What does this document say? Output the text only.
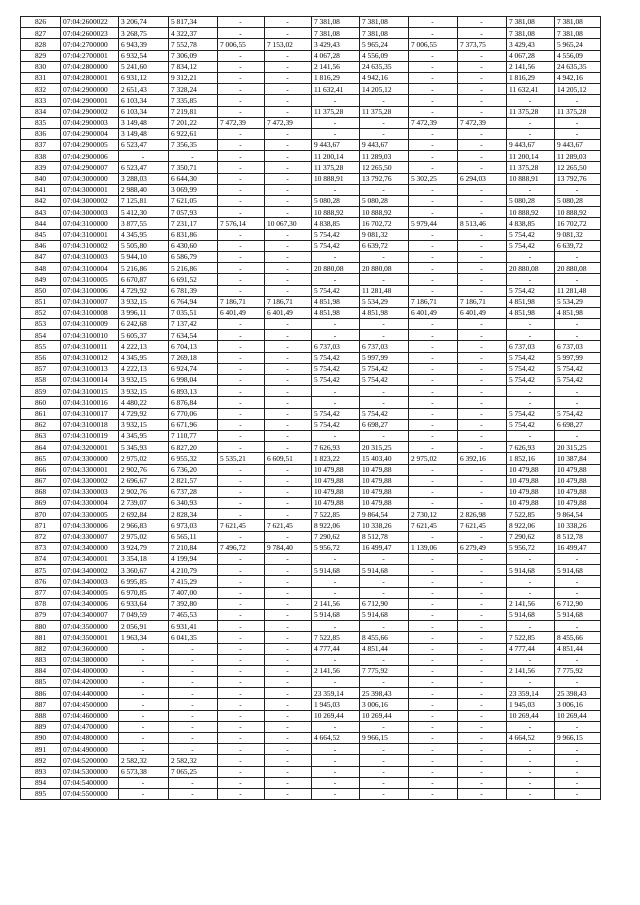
826	07:04:2600022	3 206,74	5 817,34	-	-	7 381,08	7 381,08	-	-	7 381,08	7 381,08
827	07:04:2600023	3 268,75	4 322,37	-	-	7 381,08	7 381,08	-	-	7 381,08	7 381,08
828	07:04:2700000	6 943,39	7 552,78	7 006,55	7 153,02	3 429,43	5 965,24	7 006,55	7 373,75	3 429,43	5 965,24
829	07:04:2700001	6 932,54	7 306,09	-	-	4 067,28	4 556,09	-	-	4 067,28	4 556,09
830	07:04:2800000	5 241,60	7 834,12	-	-	2 141,56	24 635,35	-	-	2 141,56	24 635,35
831	07:04:2800001	6 931,12	9 312,21	-	-	1 816,29	4 942,16	-	-	1 816,29	4 942,16
832	07:04:2900000	2 651,43	7 328,24	-	-	11 632,41	14 205,12	-	-	11 632,41	14 205,12
833	07:04:2900001	6 103,34	7 335,85	-	-	-	-	-	-	-	-
834	07:04:2900002	6 103,34	7 219,81	-	-	11 375,28	11 375,28	-	-	11 375,28	11 375,28
835	07:04:2900003	3 149,48	7 201,22	7 472,39	7 472,39	-	-	7 472,39	7 472,39	-	-
836	07:04:2900004	3 149,48	6 922,61	-	-	-	-	-	-	-	-
837	07:04:2900005	6 523,47	7 356,35	-	-	9 443,67	9 443,67	-	-	9 443,67	9 443,67
838	07:04:2900006	-	-	-	-	11 200,14	11 289,03	-	-	11 200,14	11 289,03
839	07:04:2900007	6 523,47	7 350,71	-	-	11 375,28	12 265,50	-	-	11 375,28	12 265,50
840	07:04:3000000	3 288,03	6 644,30	-	-	10 888,91	13 792,76	5 302,25	6 294,03	10 888,91	13 792,76
841	07:04:3000001	2 988,40	3 069,99	-	-	-	-	-	-	-	-
842	07:04:3000002	7 125,81	7 621,05	-	-	5 080,28	5 080,28	-	-	5 080,28	5 080,28
843	07:04:3000003	5 412,30	7 057,93	-	-	10 888,92	10 888,92	-	-	10 888,92	10 888,92
844	07:04:3100000	3 877,55	7 231,17	7 576,14	10 067,30	4 838,85	16 702,72	5 979,44	8 513,46	4 838,85	16 702,72
845	07:04:3100001	4 345,95	6 831,86	-	-	5 754,42	9 081,32	-	-	5 754,42	9 081,32
846	07:04:3100002	5 505,80	6 430,60	-	-	5 754,42	6 639,72	-	-	5 754,42	6 639,72
847	07:04:3100003	5 944,10	6 586,79	-	-	-	-	-	-	-	-
848	07:04:3100004	5 216,86	5 216,86	-	-	20 880,08	20 880,08	-	-	20 880,08	20 880,08
849	07:04:3100005	6 670,87	6 691,52	-	-	-	-	-	-	-	-
850	07:04:3100006	4 729,92	6 781,39	-	-	5 754,42	11 281,48	-	-	5 754,42	11 281,48
851	07:04:3100007	3 932,15	6 764,94	7 186,71	7 186,71	4 851,98	5 534,29	7 186,71	7 186,71	4 851,98	5 534,29
852	07:04:3100008	3 996,11	7 035,51	6 401,49	6 401,49	4 851,98	4 851,98	6 401,49	6 401,49	4 851,98	4 851,98
853	07:04:3100009	6 242,68	7 137,42	-	-	-	-	-	-	-	-
854	07:04:3100010	5 605,37	7 634,54	-	-	-	-	-	-	-	-
855	07:04:3100011	4 222,13	6 704,13	-	-	6 737,03	6 737,03	-	-	6 737,03	6 737,03
856	07:04:3100012	4 345,95	7 269,18	-	-	5 754,42	5 997,99	-	-	5 754,42	5 997,99
857	07:04:3100013	4 222,13	6 924,74	-	-	5 754,42	5 754,42	-	-	5 754,42	5 754,42
858	07:04:3100014	3 932,15	6 998,04	-	-	5 754,42	5 754,42	-	-	5 754,42	5 754,42
859	07:04:3100015	3 932,15	6 893,13	-	-	-	-	-	-	-	-
860	07:04:3100016	4 480,22	6 876,84	-	-	-	-	-	-	-	-
861	07:04:3100017	4 729,92	6 770,06	-	-	5 754,42	5 754,42	-	-	5 754,42	5 754,42
862	07:04:3100018	3 932,15	6 671,96	-	-	5 754,42	6 698,27	-	-	5 754,42	6 698,27
863	07:04:3100019	4 345,95	7 110,77	-	-	-	-	-	-	-	-
864	07:04:3200001	5 345,93	6 827,20	-	-	7 626,93	20 315,25	-	-	7 626,93	20 315,25
865	07:04:3300000	2 975,02	6 955,32	5 535,21	6 609,51	1 823,22	15 403,40	2 975,02	6 392,16	1 852,16	10 387,84
866	07:04:3300001	2 902,76	6 736,20	-	-	10 479,88	10 479,88	-	-	10 479,88	10 479,88
867	07:04:3300002	2 696,67	2 821,57	-	-	10 479,88	10 479,88	-	-	10 479,88	10 479,88
868	07:04:3300003	2 902,76	6 737,28	-	-	10 479,88	10 479,88	-	-	10 479,88	10 479,88
869	07:04:3300004	2 739,07	6 340,93	-	-	10 479,88	10 479,88	-	-	10 479,88	10 479,88
870	07:04:3300005	2 692,84	2 828,34	-	-	7 522,85	9 864,54	2 730,12	2 826,98	7 522,85	9 864,54
871	07:04:3300006	2 966,83	6 973,03	7 621,45	7 621,45	8 922,06	10 338,26	7 621,45	7 621,45	8 922,06	10 338,26
872	07:04:3300007	2 975,02	6 565,11	-	-	7 290,62	8 512,78	-	-	7 290,62	8 512,78
873	07:04:3400000	3 924,79	7 210,84	7 496,72	9 784,40	5 956,72	16 499,47	1 139,06	6 279,49	5 956,72	16 499,47
874	07:04:3400001	3 354,18	4 199,94	-	-	-	-	-	-	-	-
875	07:04:3400002	3 360,67	4 210,79	-	-	5 914,68	5 914,68	-	-	5 914,68	5 914,68
876	07:04:3400003	6 995,85	7 415,29	-	-	-	-	-	-	-	-
877	07:04:3400005	6 970,85	7 407,00	-	-	-	-	-	-	-	-
878	07:04:3400006	6 933,64	7 392,80	-	-	2 141,56	6 712,90	-	-	2 141,56	6 712,90
879	07:04:3400007	7 049,59	7 465,53	-	-	5 914,68	5 914,68	-	-	5 914,68	5 914,68
880	07:04:3500000	2 056,91	6 931,41	-	-	-	-	-	-	-	-
881	07:04:3500001	1 963,34	6 041,35	-	-	7 522,85	8 455,66	-	-	7 522,85	8 455,66
882	07:04:3600000	-	-	-	-	4 777,44	4 851,44	-	-	4 777,44	4 851,44
883	07:04:3800000	-	-	-	-	-	-	-	-	-	-
884	07:04:4000000	-	-	-	-	2 141,56	7 775,92	-	-	2 141,56	7 775,92
885	07:04:4200000	-	-	-	-	-	-	-	-	-	-
886	07:04:4400000	-	-	-	-	23 359,14	25 398,43	-	-	23 359,14	25 398,43
887	07:04:4500000	-	-	-	-	1 945,03	3 006,16	-	-	1 945,03	3 006,16
888	07:04:4600000	-	-	-	-	10 269,44	10 269,44	-	-	10 269,44	10 269,44
889	07:04:4700000	-	-	-	-	-	-	-	-	-	-
890	07:04:4800000	-	-	-	-	4 664,52	9 966,15	-	-	4 664,52	9 966,15
891	07:04:4900000	-	-	-	-	-	-	-	-	-	-
892	07:04:5200000	2 582,32	2 582,32	-	-	-	-	-	-	-	-
893	07:04:5300000	6 573,38	7 065,25	-	-	-	-	-	-	-	-
894	07:04:5400000	-	-	-	-	-	-	-	-	-	-
895	07:04:5500000	-	-	-	-	-	-	-	-	-	-
